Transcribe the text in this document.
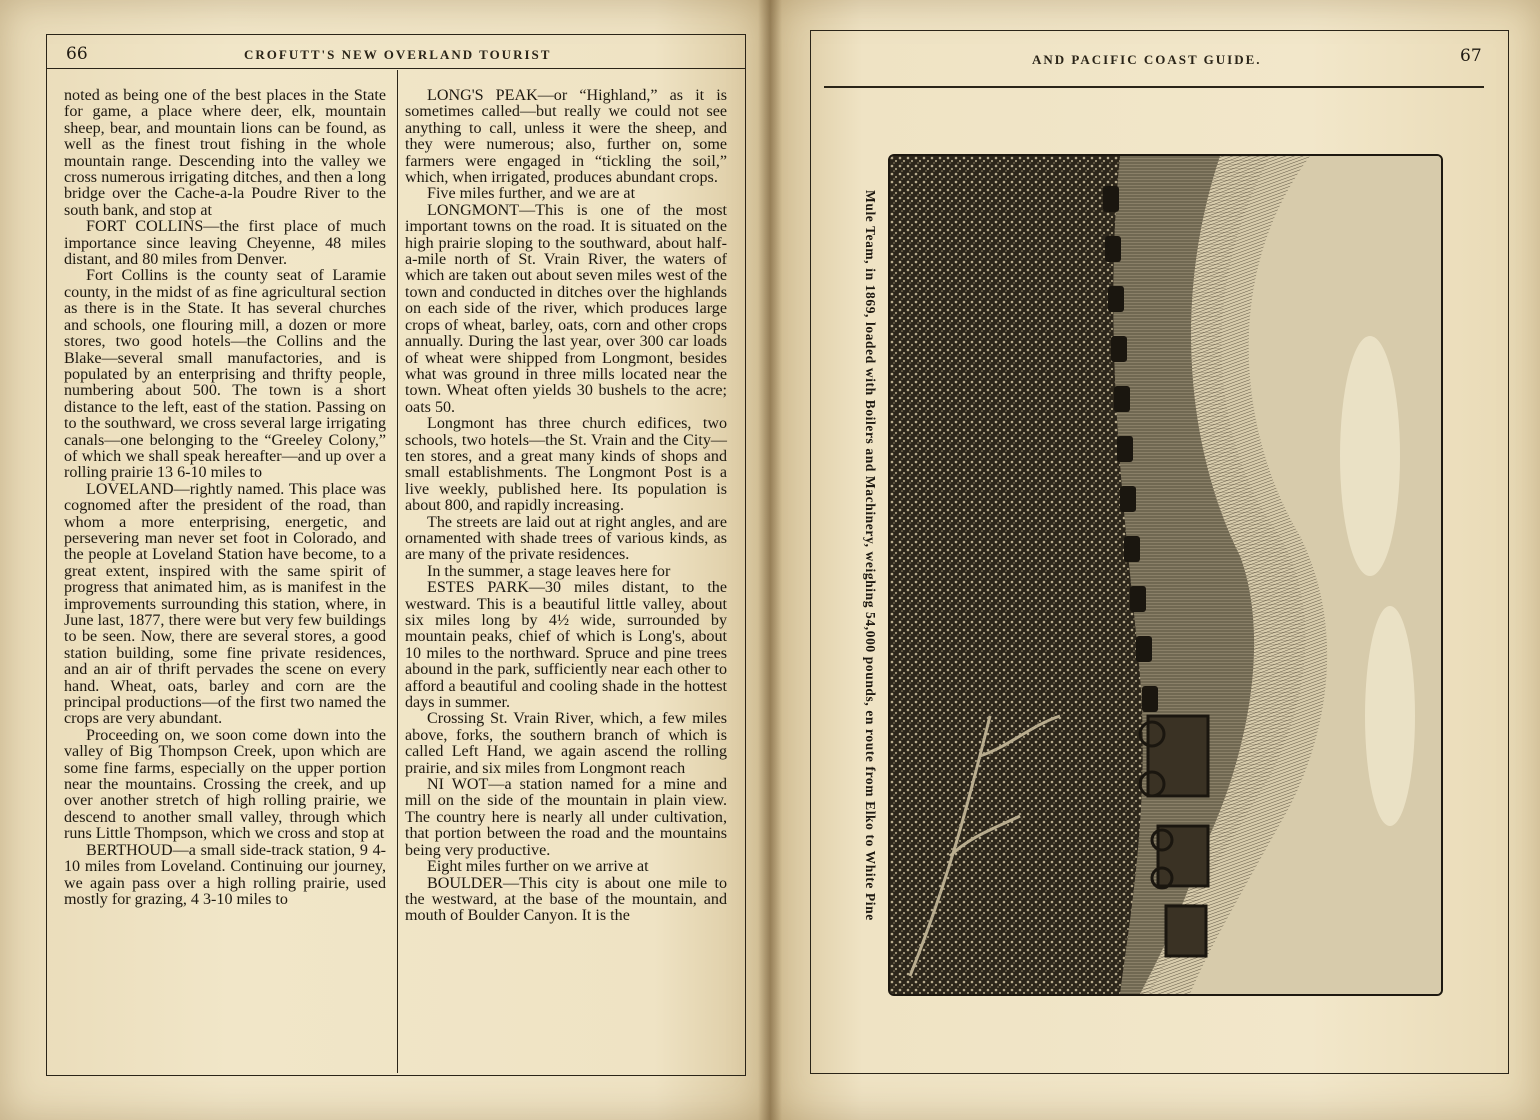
66	CROFUTT'S NEW OVERLAND TOURIST

noted as being one of the best places in the State for game, a place where deer, elk, mountain sheep, bear, and mountain lions can be found, as well as the finest trout fishing in the whole mountain range. Descending into the valley we cross numerous irrigating ditches, and then a long bridge over the Cache-a-la Poudre River to the south bank, and stop at

FORT COLLINS—the first place of much importance since leaving Cheyenne, 48 miles distant, and 80 miles from Denver.

Fort Collins is the county seat of Laramie county, in the midst of as fine agricultural section as there is in the State. It has several churches and schools, one flouring mill, a dozen or more stores, two good hotels—the Collins and the Blake—several small manufactories, and is populated by an enterprising and thrifty people, numbering about 500. The town is a short distance to the left, east of the station. Passing on to the southward, we cross several large irrigating canals—one belonging to the “Greeley Colony,” of which we shall speak hereafter—and up over a rolling prairie 13 6-10 miles to

LOVELAND—rightly named. This place was cognomed after the president of the road, than whom a more enterprising, energetic, and persevering man never set foot in Colorado, and the people at Loveland Station have become, to a great extent, inspired with the same spirit of progress that animated him, as is manifest in the improvements surrounding this station, where, in June last, 1877, there were but very few buildings to be seen. Now, there are several stores, a good station building, some fine private residences, and an air of thrift pervades the scene on every hand. Wheat, oats, barley and corn are the principal productions—of the first two named the crops are very abundant.

Proceeding on, we soon come down into the valley of Big Thompson Creek, upon which are some fine farms, especially on the upper portion near the mountains. Crossing the creek, and up over another stretch of high rolling prairie, we descend to another small valley, through which runs Little Thompson, which we cross and stop at

BERTHOUD—a small side-track station, 9 4-10 miles from Loveland. Continuing our journey, we again pass over a high rolling prairie, used mostly for grazing, 4 3-10 miles to

LONG'S PEAK—or “Highland,” as it is sometimes called—but really we could not see anything to call, unless it were the sheep, and they were numerous; also, further on, some farmers were engaged in “tickling the soil,” which, when irrigated, produces abundant crops.

Five miles further, and we are at

LONGMONT—This is one of the most important towns on the road. It is situated on the high prairie sloping to the southward, about half-a-mile north of St. Vrain River, the waters of which are taken out about seven miles west of the town and conducted in ditches over the highlands on each side of the river, which produces large crops of wheat, barley, oats, corn and other crops annually. During the last year, over 300 car loads of wheat were shipped from Longmont, besides what was ground in three mills located near the town. Wheat often yields 30 bushels to the acre; oats 50.

Longmont has three church edifices, two schools, two hotels—the St. Vrain and the City—ten stores, and a great many kinds of shops and small establishments. The Longmont Post is a live weekly, published here. Its population is about 800, and rapidly increasing.

The streets are laid out at right angles, and are ornamented with shade trees of various kinds, as are many of the private residences.

In the summer, a stage leaves here for

ESTES PARK—30 miles distant, to the westward. This is a beautiful little valley, about six miles long by 4½ wide, surrounded by mountain peaks, chief of which is Long's, about 10 miles to the northward. Spruce and pine trees abound in the park, sufficiently near each other to afford a beautiful and cooling shade in the hottest days in summer.

Crossing St. Vrain River, which, a few miles above, forks, the southern branch of which is called Left Hand, we again ascend the rolling prairie, and six miles from Longmont reach

NI WOT—a station named for a mine and mill on the side of the mountain in plain view. The country here is nearly all under cultivation, that portion between the road and the mountains being very productive.

Eight miles further on we arrive at

BOULDER—This city is about one mile to the westward, at the base of the mountain, and mouth of Boulder Canyon. It is the

AND PACIFIC COAST GUIDE.	67
Mule Team, in 1869, loaded with Boilers and Machinery, weighing 54,000 pounds, en route from Elko to White Pine
